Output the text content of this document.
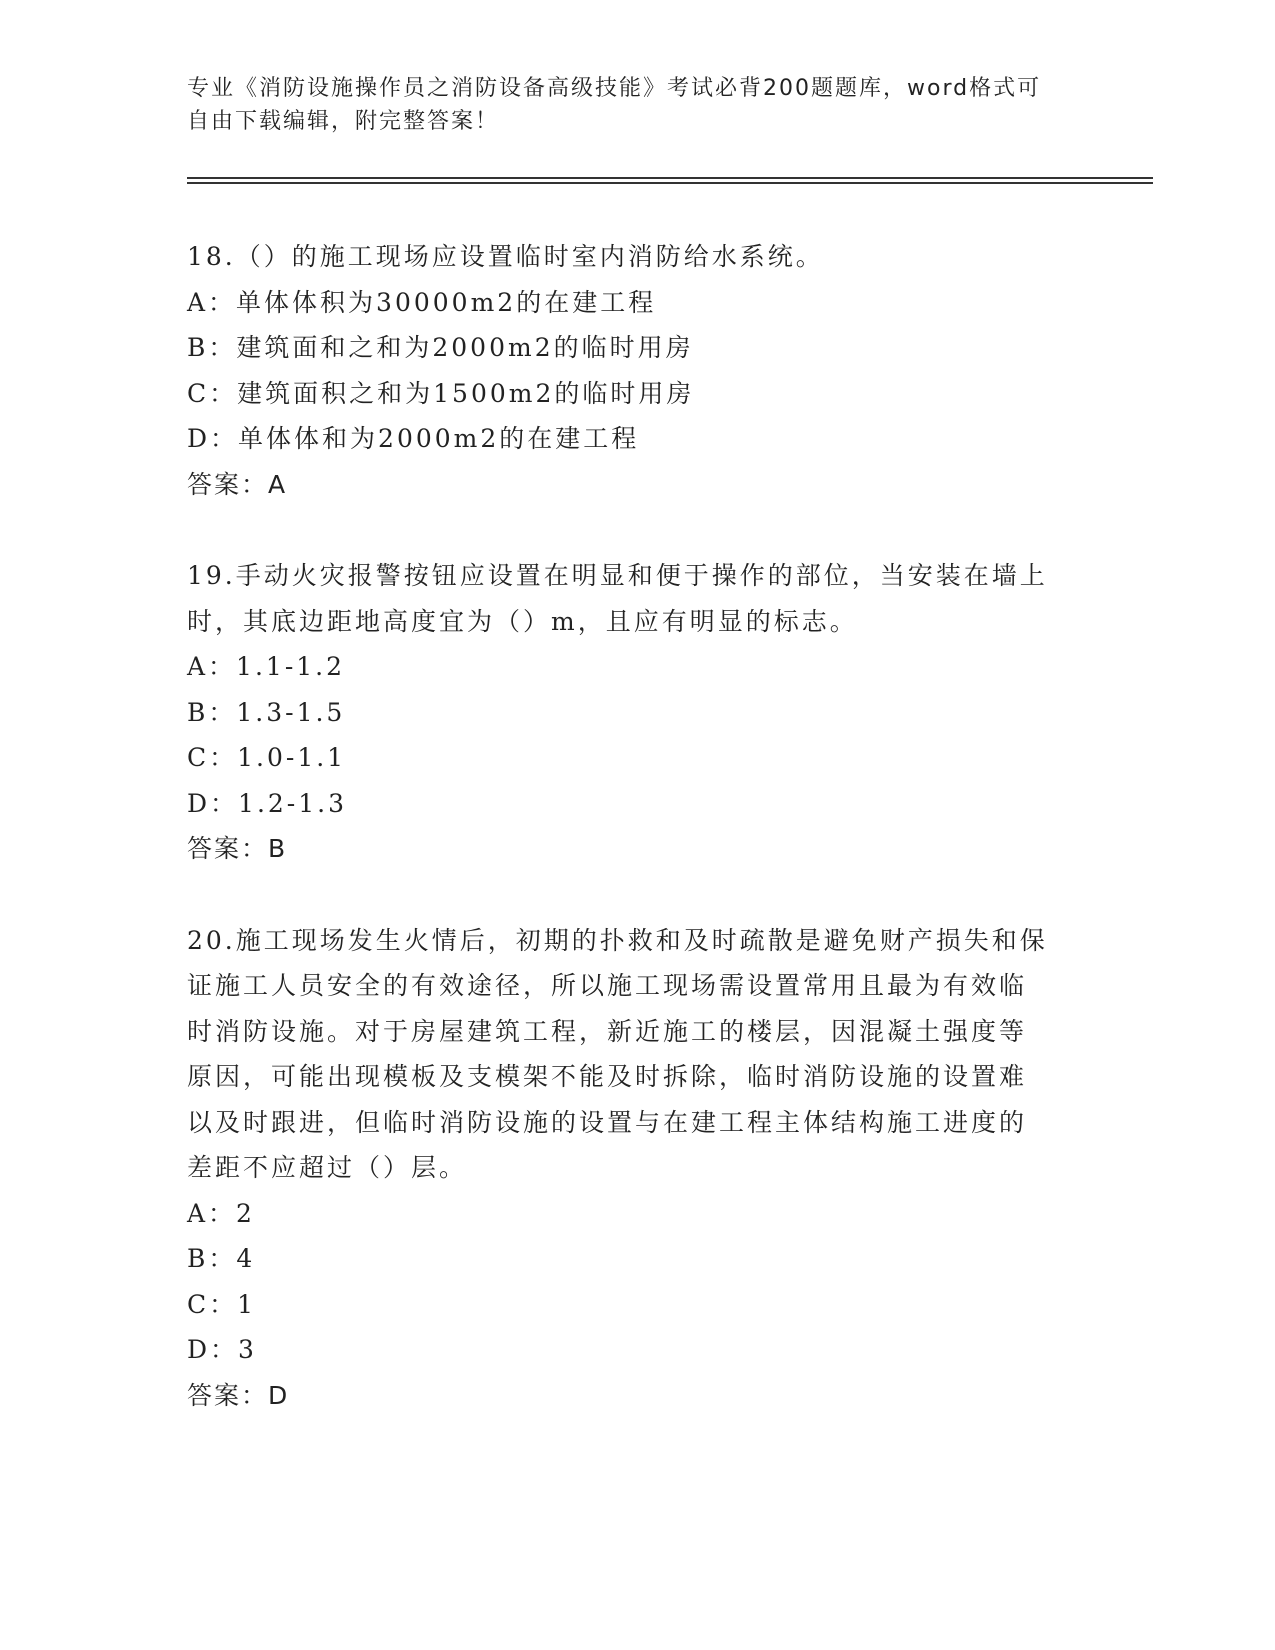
专业《消防设施操作员之消防设备高级技能》考试必背200题题库，word格式可
自由下载编辑，附完整答案！
18.（）的施工现场应设置临时室内消防给水系统。
A：单体体积为30000m2的在建工程
B：建筑面和之和为2000m2的临时用房
C：建筑面积之和为1500m2的临时用房
D：单体体和为2000m2的在建工程
答案：A
19.手动火灾报警按钮应设置在明显和便于操作的部位，当安装在墙上
时，其底边距地高度宜为（）m，且应有明显的标志。
A：1.1-1.2
B：1.3-1.5
C：1.0-1.1
D：1.2-1.3
答案：B
20.施工现场发生火情后，初期的扑救和及时疏散是避免财产损失和保
证施工人员安全的有效途径，所以施工现场需设置常用且最为有效临
时消防设施。对于房屋建筑工程，新近施工的楼层，因混凝土强度等
原因，可能出现模板及支模架不能及时拆除，临时消防设施的设置难
以及时跟进，但临时消防设施的设置与在建工程主体结构施工进度的
差距不应超过（）层。
A：2
B：4
C：1
D：3
答案：D
